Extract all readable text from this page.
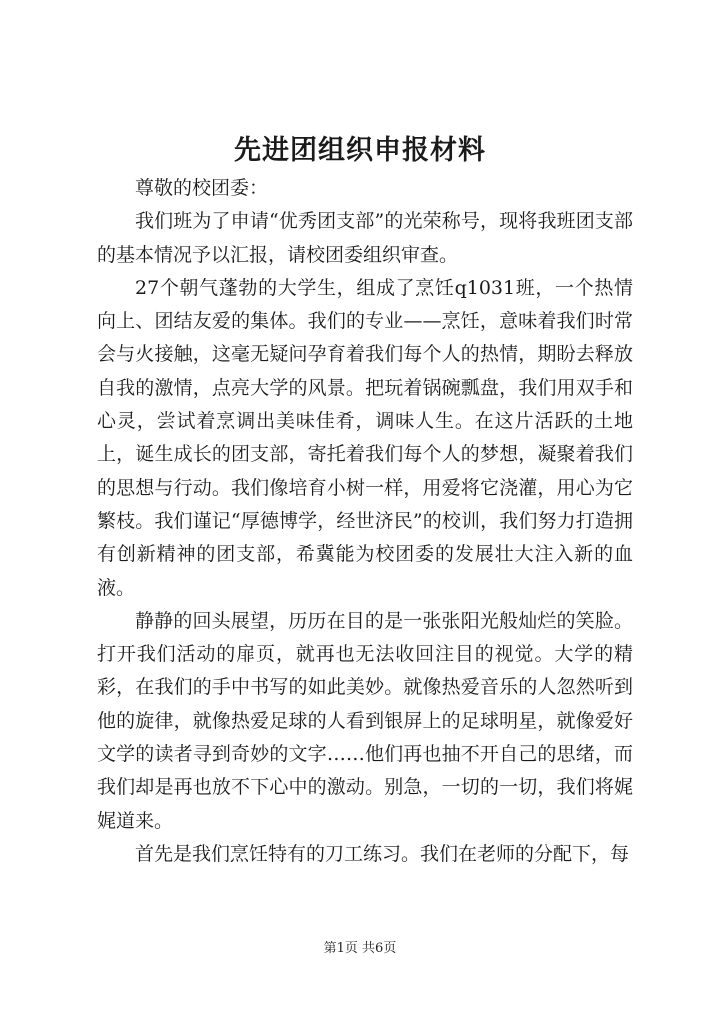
先进团组织申报材料

尊敬的校团委：

我们班为了申请“优秀团支部”的光荣称号，现将我班团支部的基本情况予以汇报，请校团委组织审查。

27个朝气蓬勃的大学生，组成了烹饪q1031班，一个热情向上、团结友爱的集体。我们的专业——烹饪，意味着我们时常会与火接触，这毫无疑问孕育着我们每个人的热情，期盼去释放自我的激情，点亮大学的风景。把玩着锅碗瓢盘，我们用双手和心灵，尝试着烹调出美味佳肴，调味人生。在这片活跃的土地上，诞生成长的团支部，寄托着我们每个人的梦想，凝聚着我们的思想与行动。我们像培育小树一样，用爱将它浇灌，用心为它繁枝。我们谨记“厚德博学，经世济民”的校训，我们努力打造拥有创新精神的团支部，希冀能为校团委的发展壮大注入新的血液。

静静的回头展望，历历在目的是一张张阳光般灿烂的笑脸。打开我们活动的扉页，就再也无法收回注目的视觉。大学的精彩，在我们的手中书写的如此美妙。就像热爱音乐的人忽然听到他的旋律，就像热爱足球的人看到银屏上的足球明星，就像爱好文学的读者寻到奇妙的文字……他们再也抽不开自己的思绪，而我们却是再也放不下心中的激动。别急，一切的一切，我们将娓娓道来。

首先是我们烹饪特有的刀工练习。我们在老师的分配下，每

第1页 共6页
